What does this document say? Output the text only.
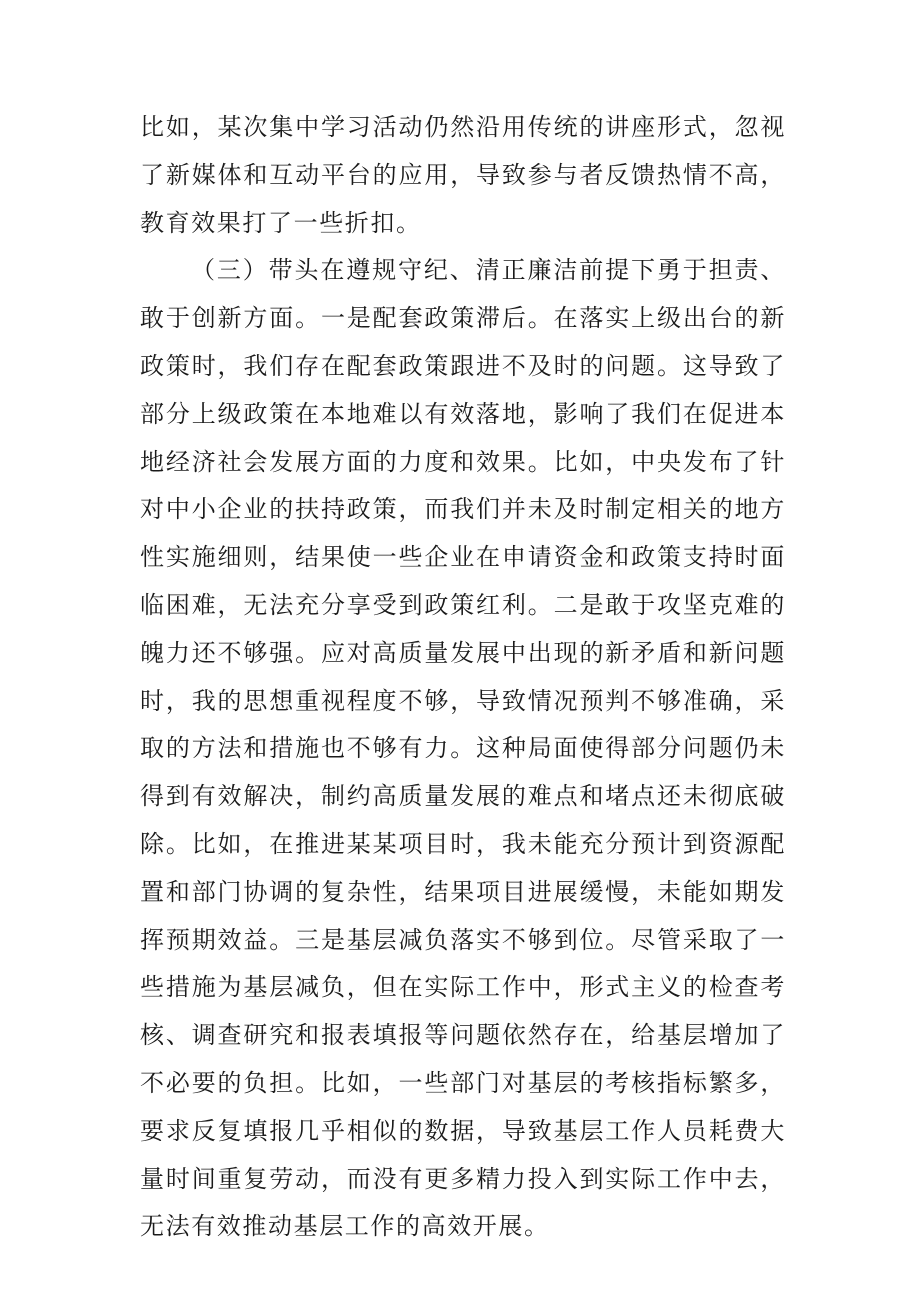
比如，某次集中学习活动仍然沿用传统的讲座形式，忽视了新媒体和互动平台的应用，导致参与者反馈热情不高，教育效果打了一些折扣。

（三）带头在遵规守纪、清正廉洁前提下勇于担责、敢于创新方面。一是配套政策滞后。在落实上级出台的新政策时，我们存在配套政策跟进不及时的问题。这导致了部分上级政策在本地难以有效落地，影响了我们在促进本地经济社会发展方面的力度和效果。比如，中央发布了针对中小企业的扶持政策，而我们并未及时制定相关的地方性实施细则，结果使一些企业在申请资金和政策支持时面临困难，无法充分享受到政策红利。二是敢于攻坚克难的魄力还不够强。应对高质量发展中出现的新矛盾和新问题时，我的思想重视程度不够，导致情况预判不够准确，采取的方法和措施也不够有力。这种局面使得部分问题仍未得到有效解决，制约高质量发展的难点和堵点还未彻底破除。比如，在推进某某项目时，我未能充分预计到资源配置和部门协调的复杂性，结果项目进展缓慢，未能如期发挥预期效益。三是基层减负落实不够到位。尽管采取了一些措施为基层减负，但在实际工作中，形式主义的检查考核、调查研究和报表填报等问题依然存在，给基层增加了不必要的负担。比如，一些部门对基层的考核指标繁多，要求反复填报几乎相似的数据，导致基层工作人员耗费大量时间重复劳动，而没有更多精力投入到实际工作中去，无法有效推动基层工作的高效开展。
